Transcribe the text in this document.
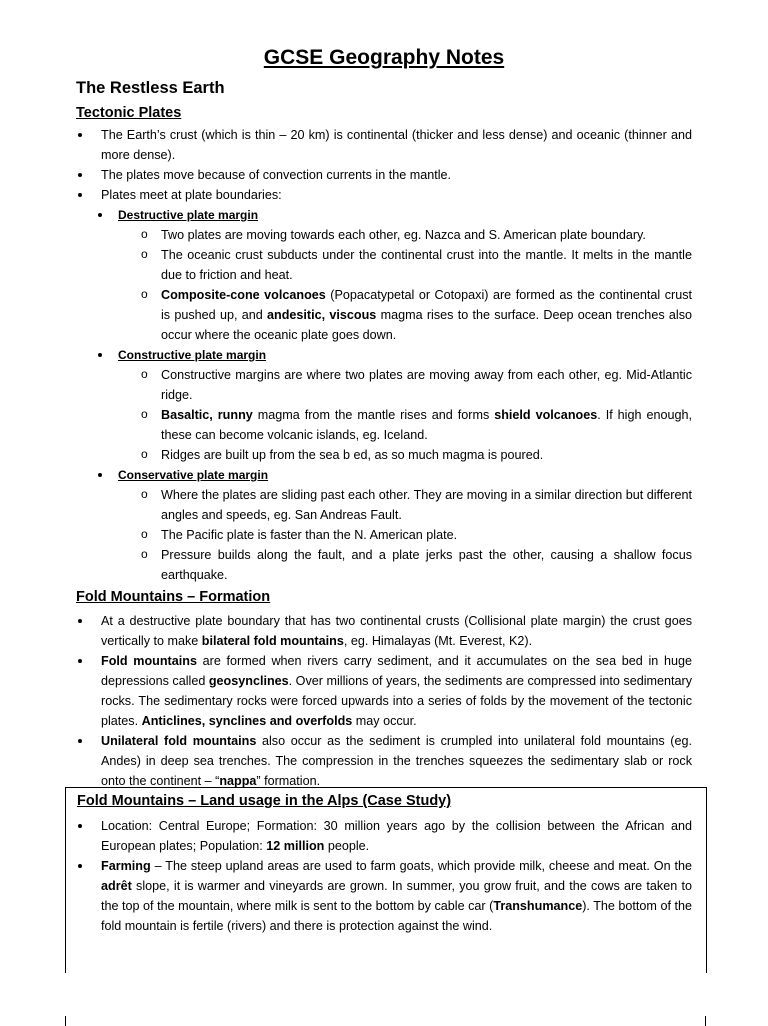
GCSE Geography Notes
The Restless Earth
Tectonic Plates

The Earth’s crust (which is thin – 20 km) is continental (thicker and less dense) and oceanic (thinner and more dense).

The plates move because of convection currents in the mantle.

Plates meet at plate boundaries:

Destructive plate margin

o Two plates are moving towards each other, eg. Nazca and S. American plate boundary.

o The oceanic crust subducts under the continental crust into the mantle. It melts in the mantle due to friction and heat.

o Composite-cone volcanoes (Popacatypetal or Cotopaxi) are formed as the continental crust is pushed up, and andesitic, viscous magma rises to the surface. Deep ocean trenches also occur where the oceanic plate goes down.

Constructive plate margin

o Constructive margins are where two plates are moving away from each other, eg. Mid-Atlantic ridge.

o Basaltic, runny magma from the mantle rises and forms shield volcanoes. If high enough, these can become volcanic islands, eg. Iceland.

o Ridges are built up from the sea b ed, as so much magma is poured.

Conservative plate margin

o Where the plates are sliding past each other. They are moving in a similar direction but different angles and speeds, eg. San Andreas Fault.

o The Pacific plate is faster than the N. American plate.

o Pressure builds along the fault, and a plate jerks past the other, causing a shallow focus earthquake.

Fold Mountains – Formation

At a destructive plate boundary that has two continental crusts (Collisional plate margin) the crust goes vertically to make bilateral fold mountains, eg. Himalayas (Mt. Everest, K2).

Fold mountains are formed when rivers carry sediment, and it accumulates on the sea bed in huge depressions called geosynclines. Over millions of years, the sediments are compressed into sedimentary rocks. The sedimentary rocks were forced upwards into a series of folds by the movement of the tectonic plates. Anticlines, synclines and overfolds may occur.

Unilateral fold mountains also occur as the sediment is crumpled into unilateral fold mountains (eg. Andes) in deep sea trenches. The compression in the trenches squeezes the sedimentary slab or rock onto the continent – “nappa” formation.

Fold Mountains – Land usage in the Alps (Case Study)

Location: Central Europe; Formation: 30 million years ago by the collision between the African and European plates; Population: 12 million people.

Farming – The steep upland areas are used to farm goats, which provide milk, cheese and meat. On the adrêt slope, it is warmer and vineyards are grown. In summer, you grow fruit, and the cows are taken to the top of the mountain, where milk is sent to the bottom by cable car (Transhumance). The bottom of the fold mountain is fertile (rivers) and there is protection against the wind.
